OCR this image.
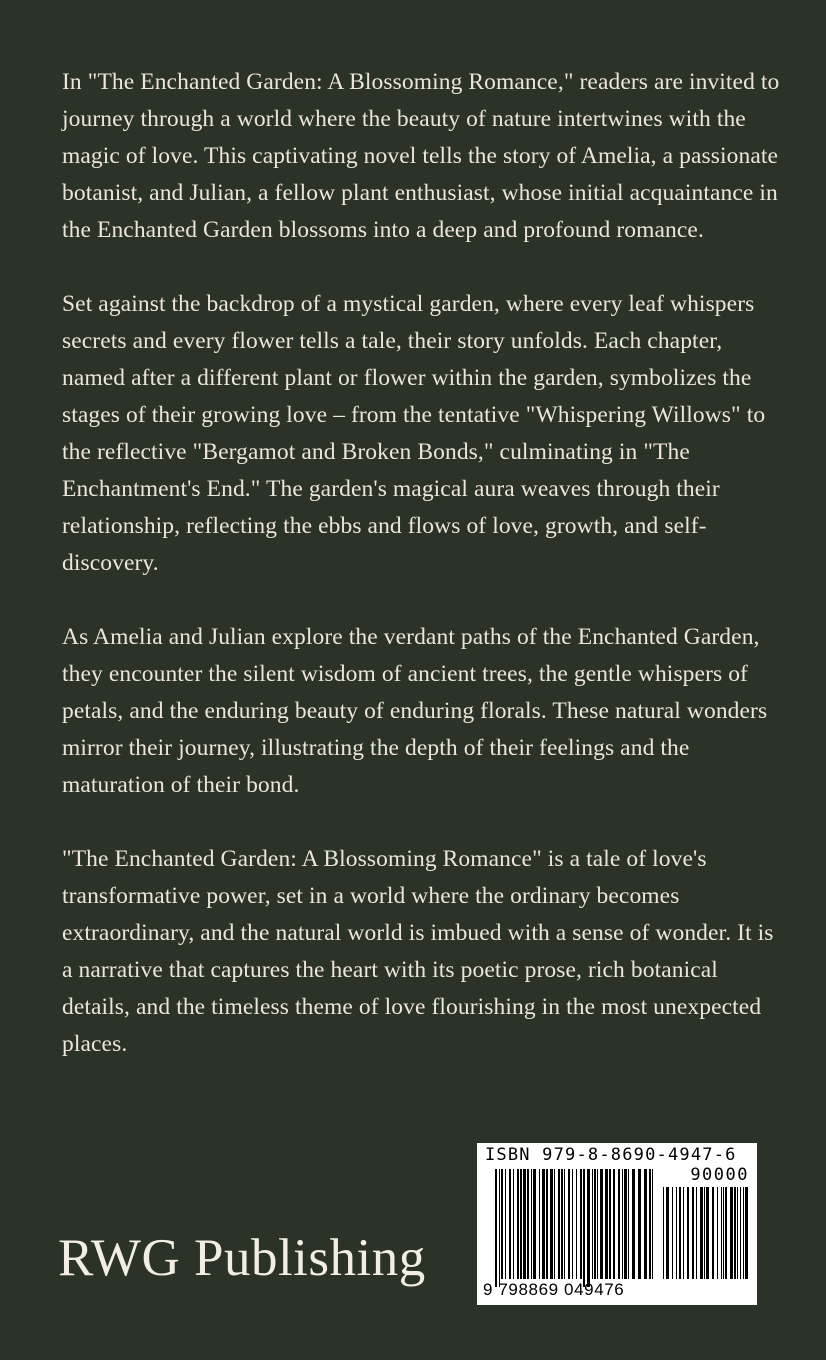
In "The Enchanted Garden: A Blossoming Romance," readers are invited to journey through a world where the beauty of nature intertwines with the magic of love. This captivating novel tells the story of Amelia, a passionate botanist, and Julian, a fellow plant enthusiast, whose initial acquaintance in the Enchanted Garden blossoms into a deep and profound romance.

Set against the backdrop of a mystical garden, where every leaf whispers secrets and every flower tells a tale, their story unfolds. Each chapter, named after a different plant or flower within the garden, symbolizes the stages of their growing love – from the tentative "Whispering Willows" to the reflective "Bergamot and Broken Bonds," culminating in "The Enchantment's End." The garden's magical aura weaves through their relationship, reflecting the ebbs and flows of love, growth, and self-discovery.

As Amelia and Julian explore the verdant paths of the Enchanted Garden, they encounter the silent wisdom of ancient trees, the gentle whispers of petals, and the enduring beauty of enduring florals. These natural wonders mirror their journey, illustrating the depth of their feelings and the maturation of their bond.

"The Enchanted Garden: A Blossoming Romance" is a tale of love's transformative power, set in a world where the ordinary becomes extraordinary, and the natural world is imbued with a sense of wonder. It is a narrative that captures the heart with its poetic prose, rich botanical details, and the timeless theme of love flourishing in the most unexpected places.

RWG Publishing
ISBN 979-8-8690-4947-6
90000
9 798869 049476
